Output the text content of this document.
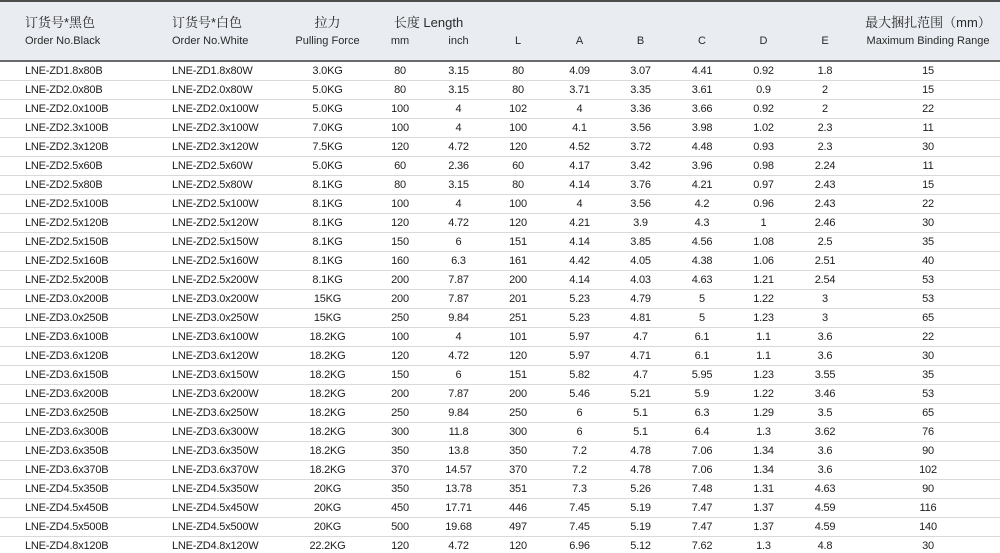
订货号*黑色	订货号*白色	拉力	长度 Length								最大捆扎范围（mm）
Order No.Black	Order No.White	Pulling Force	mm	inch	L	A	B	C	D	E	Maximum Binding Range
LNE-ZD1.8x80B	LNE-ZD1.8x80W	3.0KG	80	3.15	80	4.09	3.07	4.41	0.92	1.8	15
LNE-ZD2.0x80B	LNE-ZD2.0x80W	5.0KG	80	3.15	80	3.71	3.35	3.61	0.9	2	15
LNE-ZD2.0x100B	LNE-ZD2.0x100W	5.0KG	100	4	102	4	3.36	3.66	0.92	2	22
LNE-ZD2.3x100B	LNE-ZD2.3x100W	7.0KG	100	4	100	4.1	3.56	3.98	1.02	2.3	11
LNE-ZD2.3x120B	LNE-ZD2.3x120W	7.5KG	120	4.72	120	4.52	3.72	4.48	0.93	2.3	30
LNE-ZD2.5x60B	LNE-ZD2.5x60W	5.0KG	60	2.36	60	4.17	3.42	3.96	0.98	2.24	11
LNE-ZD2.5x80B	LNE-ZD2.5x80W	8.1KG	80	3.15	80	4.14	3.76	4.21	0.97	2.43	15
LNE-ZD2.5x100B	LNE-ZD2.5x100W	8.1KG	100	4	100	4	3.56	4.2	0.96	2.43	22
LNE-ZD2.5x120B	LNE-ZD2.5x120W	8.1KG	120	4.72	120	4.21	3.9	4.3	1	2.46	30
LNE-ZD2.5x150B	LNE-ZD2.5x150W	8.1KG	150	6	151	4.14	3.85	4.56	1.08	2.5	35
LNE-ZD2.5x160B	LNE-ZD2.5x160W	8.1KG	160	6.3	161	4.42	4.05	4.38	1.06	2.51	40
LNE-ZD2.5x200B	LNE-ZD2.5x200W	8.1KG	200	7.87	200	4.14	4.03	4.63	1.21	2.54	53
LNE-ZD3.0x200B	LNE-ZD3.0x200W	15KG	200	7.87	201	5.23	4.79	5	1.22	3	53
LNE-ZD3.0x250B	LNE-ZD3.0x250W	15KG	250	9.84	251	5.23	4.81	5	1.23	3	65
LNE-ZD3.6x100B	LNE-ZD3.6x100W	18.2KG	100	4	101	5.97	4.7	6.1	1.1	3.6	22
LNE-ZD3.6x120B	LNE-ZD3.6x120W	18.2KG	120	4.72	120	5.97	4.71	6.1	1.1	3.6	30
LNE-ZD3.6x150B	LNE-ZD3.6x150W	18.2KG	150	6	151	5.82	4.7	5.95	1.23	3.55	35
LNE-ZD3.6x200B	LNE-ZD3.6x200W	18.2KG	200	7.87	200	5.46	5.21	5.9	1.22	3.46	53
LNE-ZD3.6x250B	LNE-ZD3.6x250W	18.2KG	250	9.84	250	6	5.1	6.3	1.29	3.5	65
LNE-ZD3.6x300B	LNE-ZD3.6x300W	18.2KG	300	11.8	300	6	5.1	6.4	1.3	3.62	76
LNE-ZD3.6x350B	LNE-ZD3.6x350W	18.2KG	350	13.8	350	7.2	4.78	7.06	1.34	3.6	90
LNE-ZD3.6x370B	LNE-ZD3.6x370W	18.2KG	370	14.57	370	7.2	4.78	7.06	1.34	3.6	102
LNE-ZD4.5x350B	LNE-ZD4.5x350W	20KG	350	13.78	351	7.3	5.26	7.48	1.31	4.63	90
LNE-ZD4.5x450B	LNE-ZD4.5x450W	20KG	450	17.71	446	7.45	5.19	7.47	1.37	4.59	116
LNE-ZD4.5x500B	LNE-ZD4.5x500W	20KG	500	19.68	497	7.45	5.19	7.47	1.37	4.59	140
LNE-ZD4.8x120B	LNE-ZD4.8x120W	22.2KG	120	4.72	120	6.96	5.12	7.62	1.3	4.8	30
